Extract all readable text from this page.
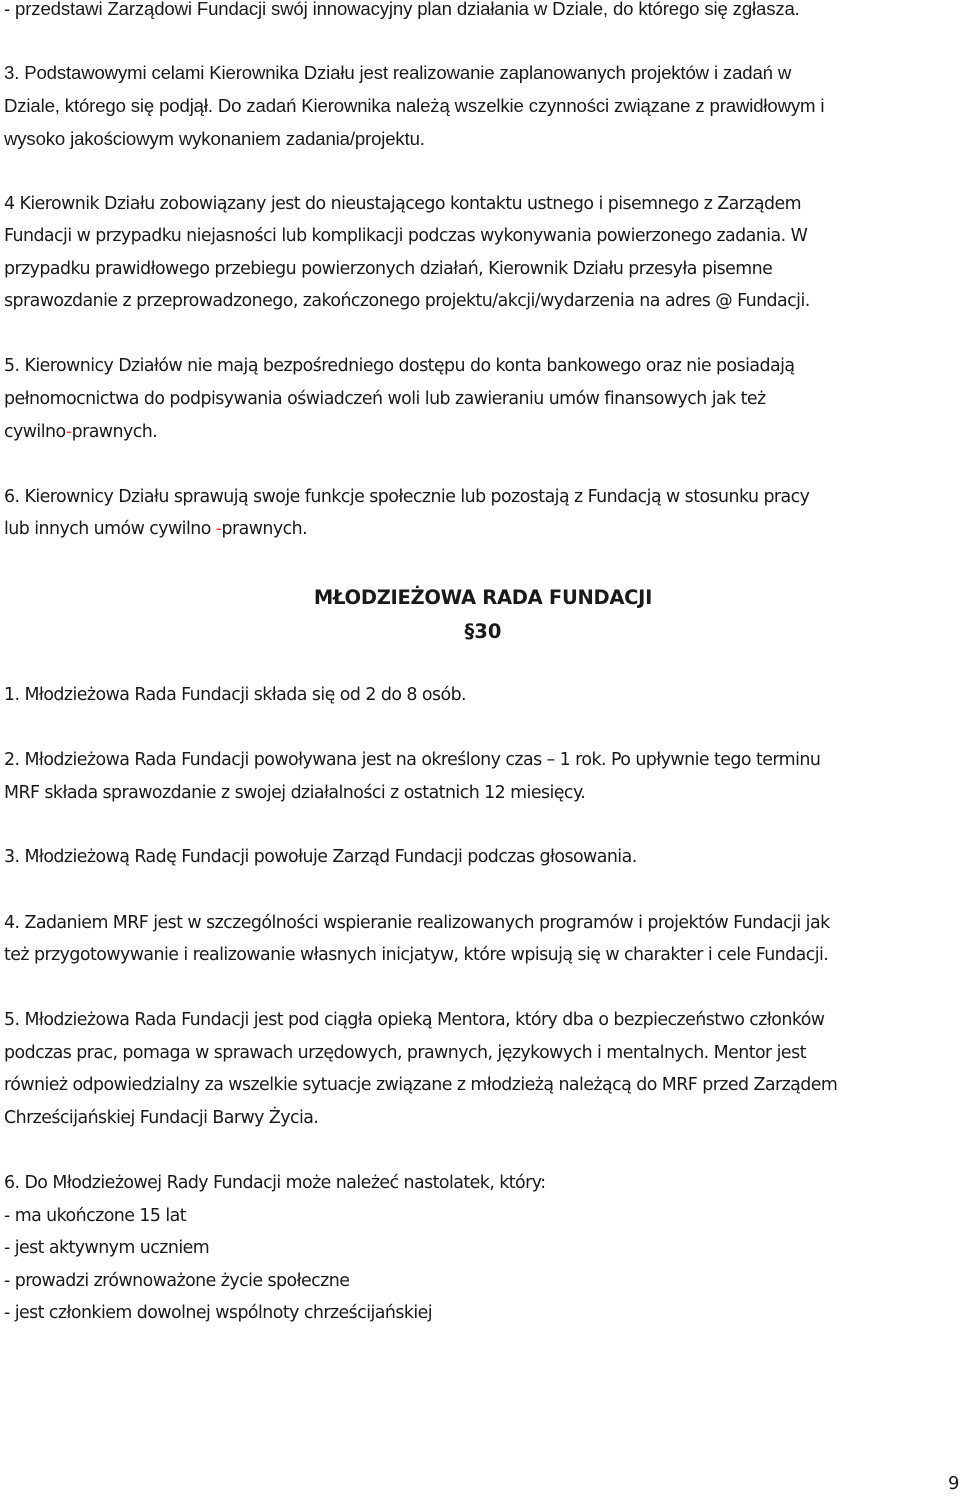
- przedstawi Zarządowi Fundacji swój innowacyjny plan działania w Dziale, do którego się zgłasza.

3. Podstawowymi celami Kierownika Działu jest realizowanie zaplanowanych projektów i zadań w

Dziale, którego się podjął. Do zadań Kierownika należą wszelkie czynności związane z prawidłowym i

wysoko jakościowym wykonaniem zadania/projektu.

4 Kierownik Działu zobowiązany jest do nieustającego kontaktu ustnego i pisemnego z Zarządem

Fundacji w przypadku niejasności lub komplikacji podczas wykonywania powierzonego zadania. W

przypadku prawidłowego przebiegu powierzonych działań, Kierownik Działu przesyła pisemne

sprawozdanie z przeprowadzonego, zakończonego projektu/akcji/wydarzenia na adres @ Fundacji.

5. Kierownicy Działów nie mają bezpośredniego dostępu do konta bankowego oraz nie posiadają

pełnomocnictwa do podpisywania oświadczeń woli lub zawieraniu umów finansowych jak też

cywilno-prawnych.

6. Kierownicy Działu sprawują swoje funkcje społecznie lub pozostają z Fundacją w stosunku pracy

lub innych umów cywilno -prawnych.

MŁODZIEŻOWA RADA FUNDACJI

§30

1. Młodzieżowa Rada Fundacji składa się od 2 do 8 osób.

2. Młodzieżowa Rada Fundacji powoływana jest na określony czas – 1 rok. Po upływnie tego terminu

MRF składa sprawozdanie z swojej działalności z ostatnich 12 miesięcy.

3. Młodzieżową Radę Fundacji powołuje Zarząd Fundacji podczas głosowania.

4. Zadaniem MRF jest w szczególności wspieranie realizowanych programów i projektów Fundacji jak

też przygotowywanie i realizowanie własnych inicjatyw, które wpisują się w charakter i cele Fundacji.

5. Młodzieżowa Rada Fundacji jest pod ciągła opieką Mentora, który dba o bezpieczeństwo członków

podczas prac, pomaga w sprawach urzędowych, prawnych, językowych i mentalnych. Mentor jest

również odpowiedzialny za wszelkie sytuacje związane z młodzieżą należącą do MRF przed Zarządem

Chrześcijańskiej Fundacji Barwy Życia.

6. Do Młodzieżowej Rady Fundacji może należeć nastolatek, który:

- ma ukończone 15 lat

- jest aktywnym uczniem

- prowadzi zrównoważone życie społeczne

- jest członkiem dowolnej wspólnoty chrześcijańskiej

9
